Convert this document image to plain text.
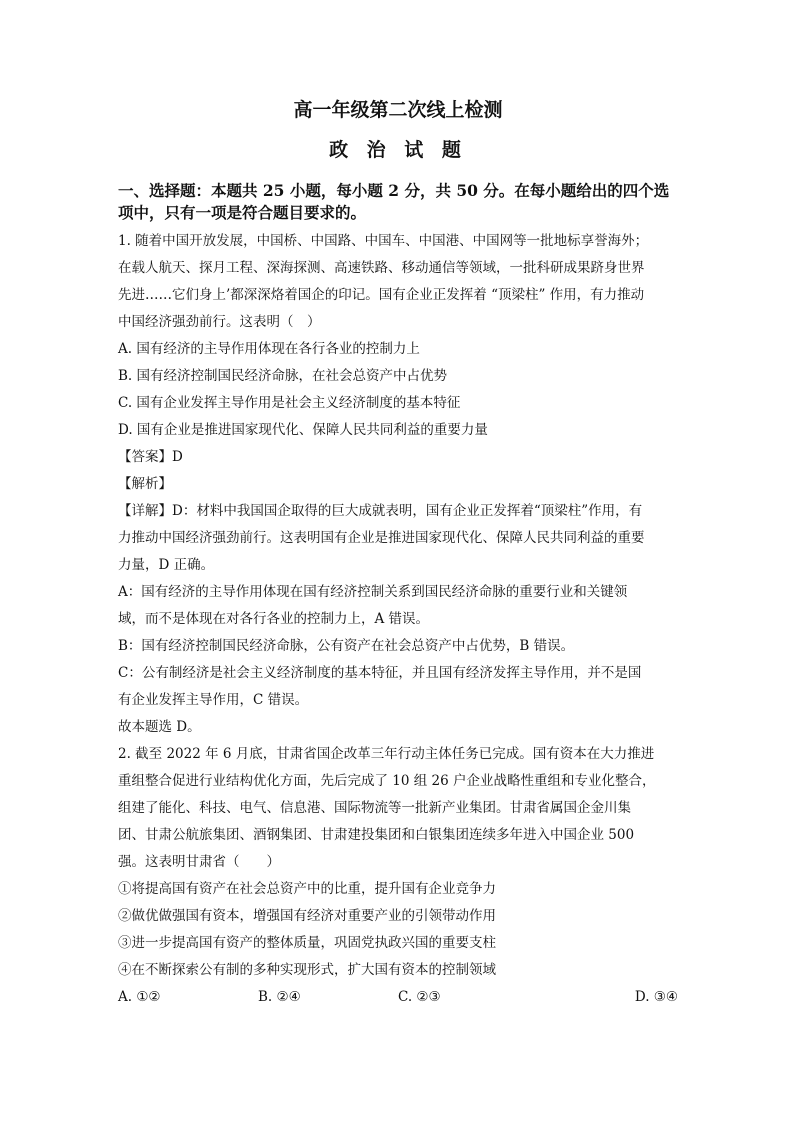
高一年级第二次线上检测

政 治 试 题

一、选择题：本题共 25 小题，每小题 2 分，共 50 分。在每小题给出的四个选项中，只有一项是符合题目要求的。

1. 随着中国开放发展，中国桥、中国路、中国车、中国港、中国网等一批地标享誉海外；

在载人航天、探月工程、深海探测、高速铁路、移动通信等领域，一批科研成果跻身世界

先进……它们身上’都深深烙着国企的印记。国有企业正发挥着 “顶梁柱” 作用，有力推动

中国经济强劲前行。这表明（　）

A. 国有经济的主导作用体现在各行各业的控制力上

B. 国有经济控制国民经济命脉，在社会总资产中占优势

C. 国有企业发挥主导作用是社会主义经济制度的基本特征

D. 国有企业是推进国家现代化、保障人民共同利益的重要力量

【答案】D

【解析】

【详解】D：材料中我国国企取得的巨大成就表明，国有企业正发挥着“顶梁柱”作用，有

力推动中国经济强劲前行。这表明国有企业是推进国家现代化、保障人民共同利益的重要

力量，D 正确。

A：国有经济的主导作用体现在国有经济控制关系到国民经济命脉的重要行业和关键领

域，而不是体现在对各行各业的控制力上，A 错误。

B：国有经济控制国民经济命脉，公有资产在社会总资产中占优势，B 错误。

C：公有制经济是社会主义经济制度的基本特征，并且国有经济发挥主导作用，并不是国

有企业发挥主导作用，C 错误。

故本题选 D。

2. 截至 2022 年 6 月底，甘肃省国企改革三年行动主体任务已完成。国有资本在大力推进

重组整合促进行业结构优化方面，先后完成了 10 组 26 户企业战略性重组和专业化整合，

组建了能化、科技、电气、信息港、国际物流等一批新产业集团。甘肃省属国企金川集

团、甘肃公航旅集团、酒钢集团、甘肃建投集团和白银集团连续多年进入中国企业 500

强。这表明甘肃省（　　）

①将提高国有资产在社会总资产中的比重，提升国有企业竞争力

②做优做强国有资本，增强国有经济对重要产业的引领带动作用

③进一步提高国有资产的整体质量，巩固党执政兴国的重要支柱

④在不断探索公有制的多种实现形式，扩大国有资本的控制领域

A. ①②	B. ②④	C. ②③	D. ③④
